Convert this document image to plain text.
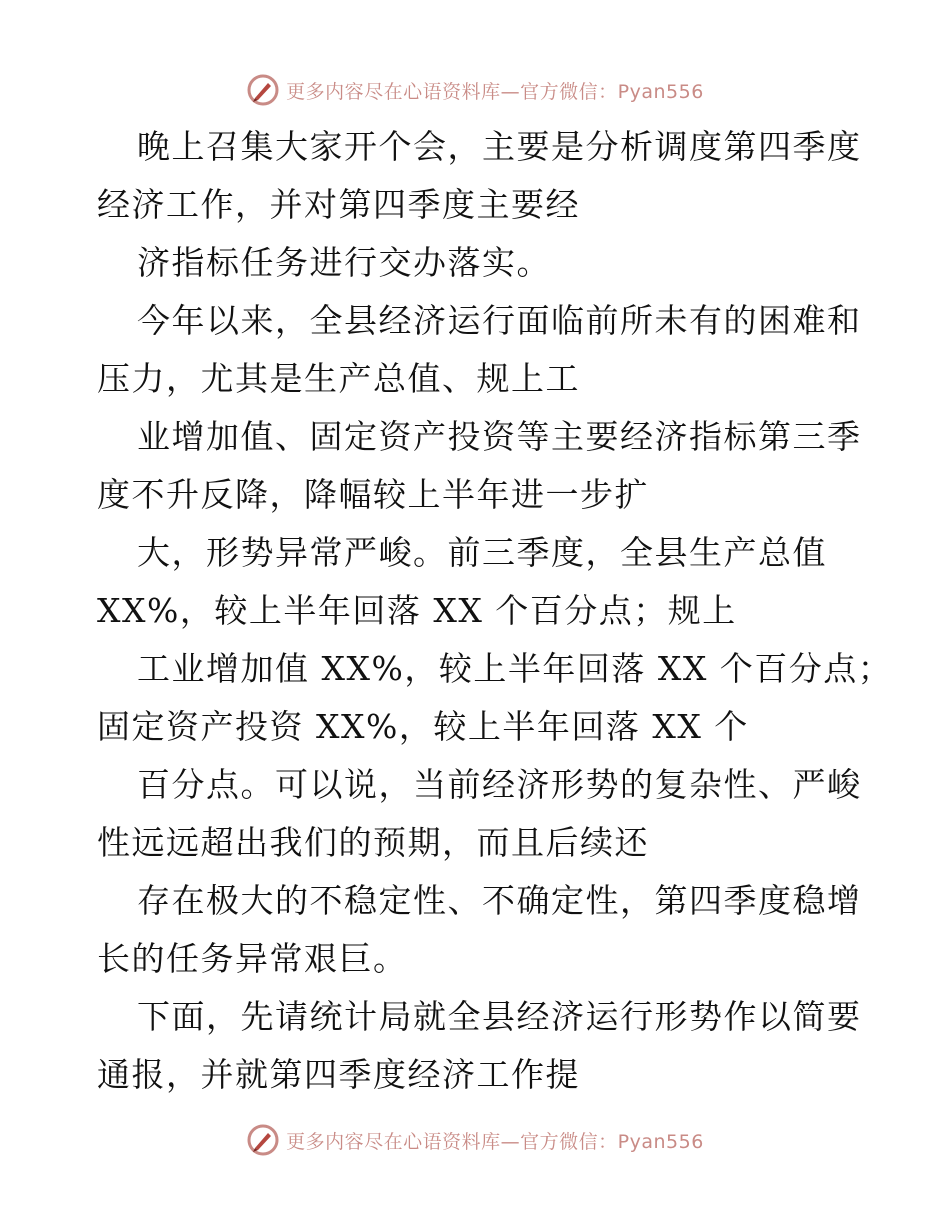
更多内容尽在心语资料库—官方微信：Pyan556
晚上召集大家开个会，主要是分析调度第四季度
经济工作，并对第四季度主要经
济指标任务进行交办落实。
今年以来，全县经济运行面临前所未有的困难和
压力，尤其是生产总值、规上工
业增加值、固定资产投资等主要经济指标第三季
度不升反降，降幅较上半年进一步扩
大，形势异常严峻。前三季度，全县生产总值
XX%，较上半年回落 XX 个百分点；规上
工业增加值 XX%，较上半年回落 XX 个百分点；
固定资产投资 XX%，较上半年回落 XX 个
百分点。可以说，当前经济形势的复杂性、严峻
性远远超出我们的预期，而且后续还
存在极大的不稳定性、不确定性，第四季度稳增
长的任务异常艰巨。
下面，先请统计局就全县经济运行形势作以简要
通报，并就第四季度经济工作提
更多内容尽在心语资料库—官方微信：Pyan556
